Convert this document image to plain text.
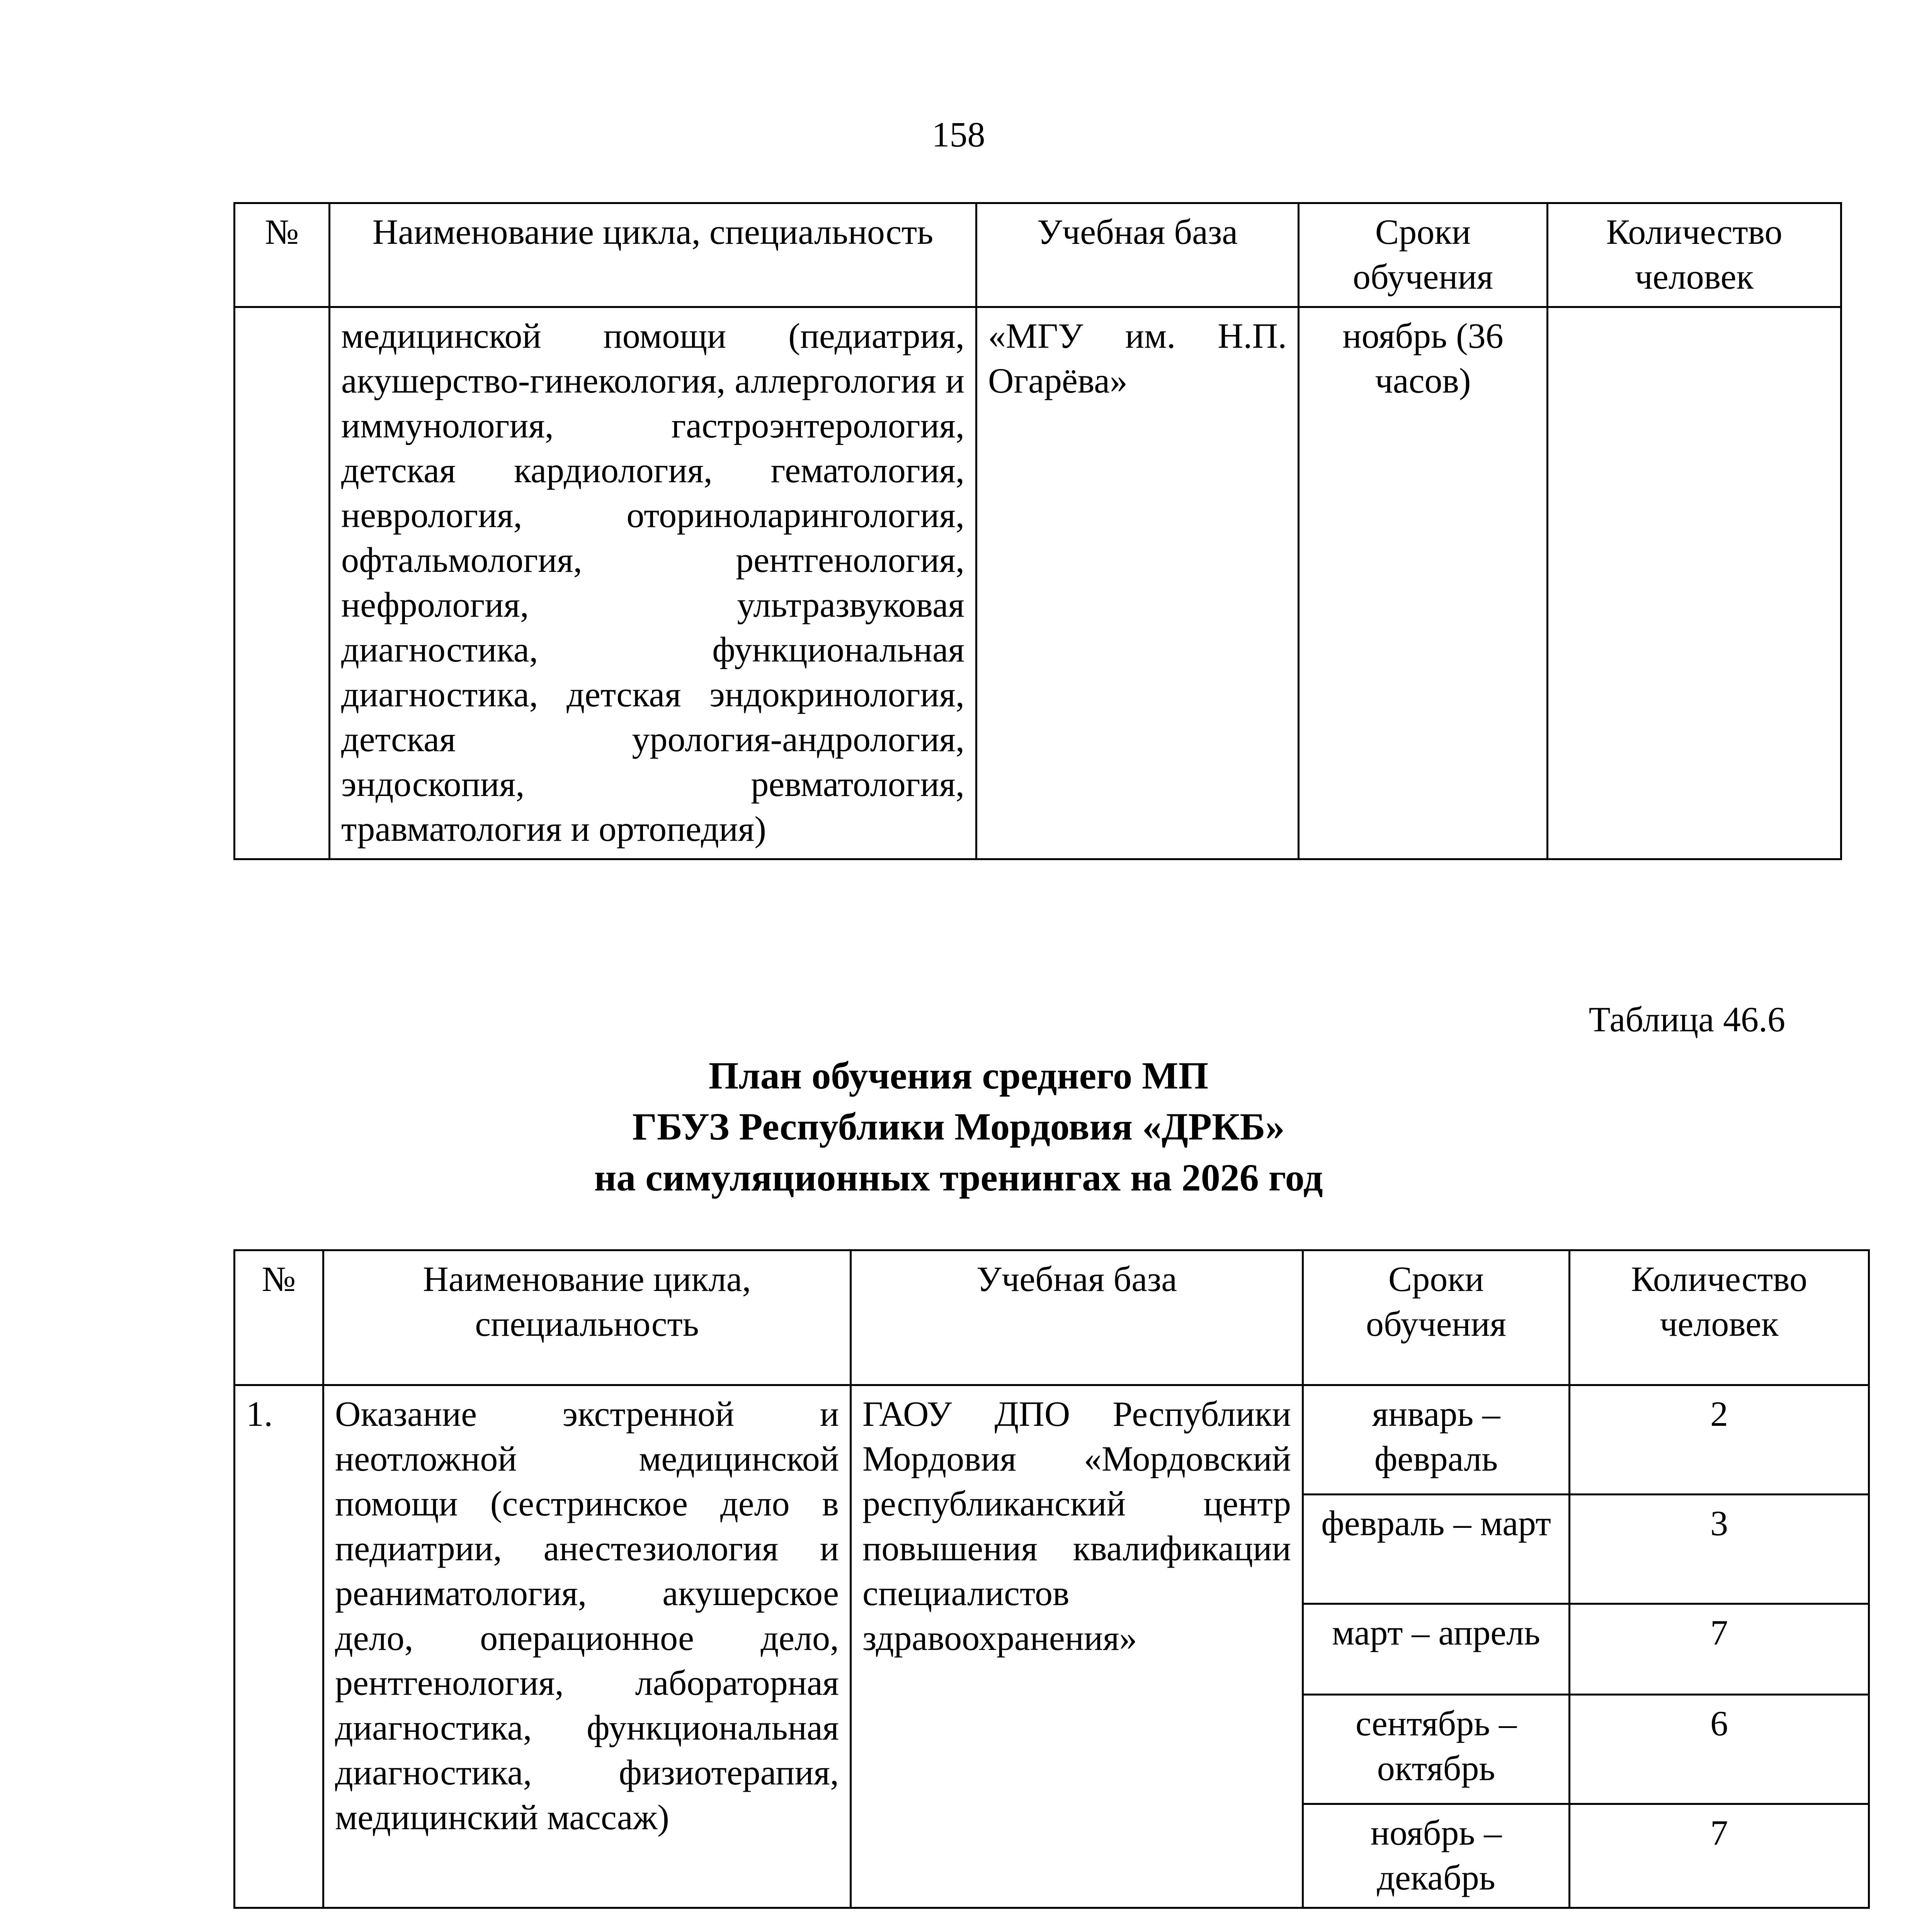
158
№	Наименование цикла, специальность	Учебная база	Сроки обучения	Количество человек
	медицинской помощи (педиатрия, акушерство-гинекология, аллергология и иммунология, гастроэнтерология, детская кардиология, гематология, неврология, оториноларингология, офтальмология, рентгенология, нефрология, ультразвуковая диагностика, функциональная диагностика, детская эндокринология, детская урология-андрология, эндоскопия, ревматология, травматология и ортопедия)	«МГУ им. Н.П. Огарёва»	ноябрь (36 часов)	
Таблица 46.6
План обучения среднего МП
ГБУЗ Республики Мордовия «ДРКБ»
на симуляционных тренингах на 2026 год
№	Наименование цикла, специальность	Учебная база	Сроки обучения	Количество человек
1.	Оказание экстренной и неотложной медицинской помощи (сестринское дело в педиатрии, анестезиология и реаниматология, акушерское дело, операционное дело, рентгенология, лабораторная диагностика, функциональная диагностика, физиотерапия, медицинский массаж)	ГАОУ ДПО Республики Мордовия «Мордовский республиканский центр повышения квалификации специалистов здравоохранения»	январь – февраль	2
			февраль – март	3
			март – апрель	7
			сентябрь – октябрь	6
			ноябрь – декабрь	7
